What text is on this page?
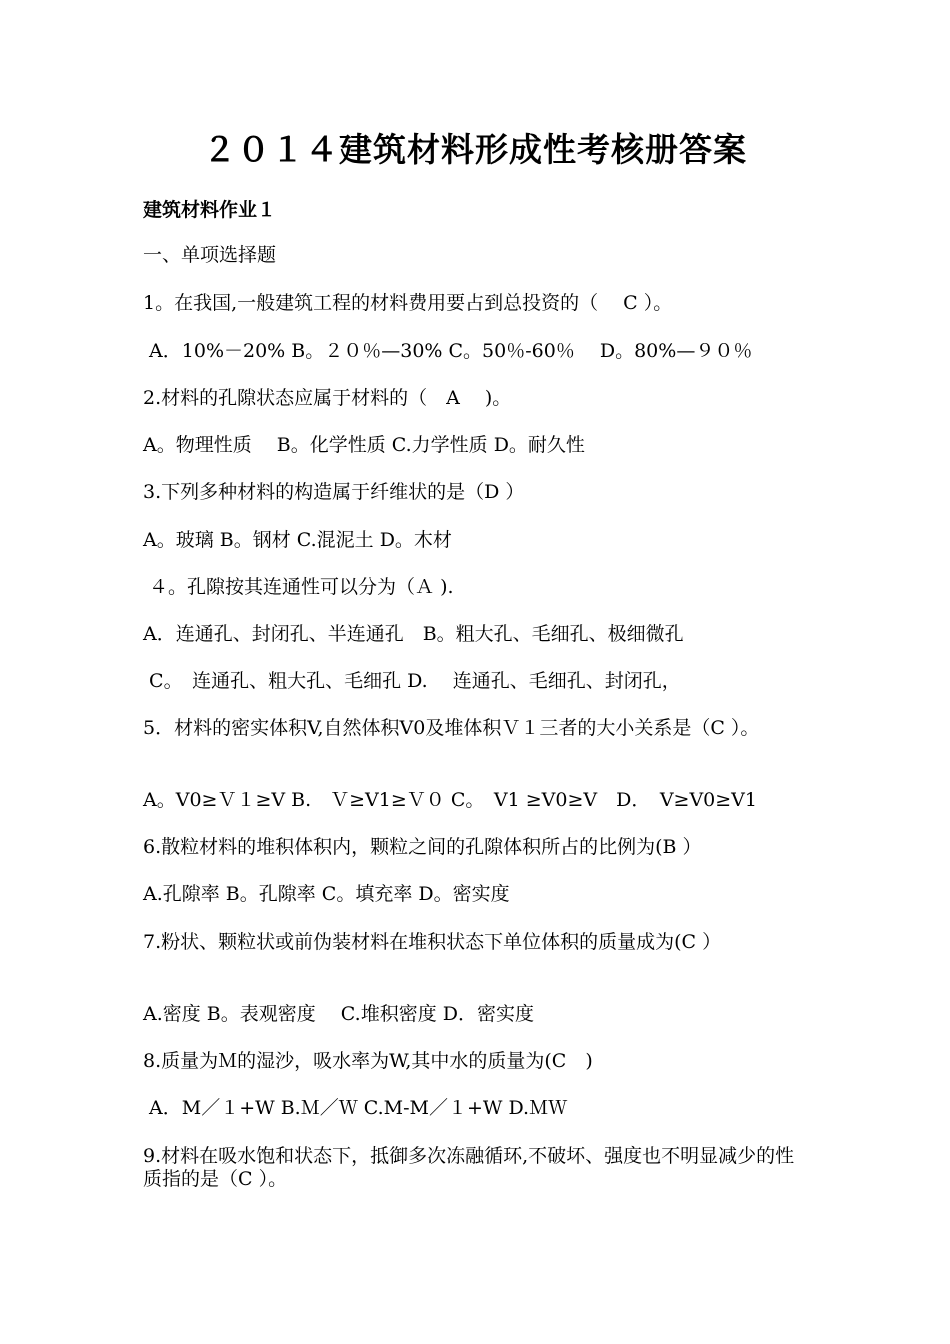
２０１４建筑材料形成性考核册答案
建筑材料作业１
一、单项选择题
1。在我国,一般建筑工程的材料费用要占到总投资的（　 C ）。
A．10%－20% B。２０％—30% C。50％-60％　 D。80%—９０％
2.材料的孔隙状态应属于材料的（　A　 )。
A。物理性质　 B。化学性质 C.力学性质 D。耐久性
3.下列多种材料的构造属于纤维状的是（D ）
A。玻璃 B。钢材 C.混泥土 D。木材
４。孔隙按其连通性可以分为（Ａ ).
A．连通孔、封闭孔、半连通孔　B。粗大孔、毛细孔、极细微孔
C。　连通孔、粗大孔、毛细孔 D.　 连通孔、毛细孔、封闭孔，
5．材料的密实体积V,自然体积V0及堆体积Ｖ１三者的大小关系是（C ）。
A。V0≥Ｖ１≥V B.　Ｖ≥V1≥Ｖ０ C。　V1 ≥V0≥V　D．　V≥V0≥V1
6.散粒材料的堆积体积内，颗粒之间的孔隙体积所占的比例为(B ）
A.孔隙率 B。孔隙率 C。填充率 D。密实度
7.粉状、颗粒状或前伪装材料在堆积状态下单位体积的质量成为(C ）
A.密度 B。表观密度　 C.堆积密度 D．密实度
8.质量为Ｍ的湿沙，吸水率为W,其中水的质量为(C　)
A．M／１+W B.Ｍ／Ｗ C.M-M／１+W D.ＭＷ
9.材料在吸水饱和状态下，抵御多次冻融循环,不破坏、强度也不明显减少的性质指的是（C ）。
